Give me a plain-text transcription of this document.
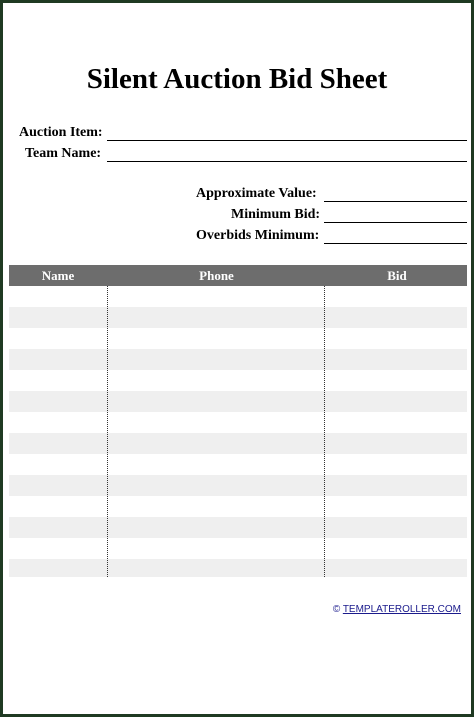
Silent Auction Bid Sheet
Auction Item:
Team Name:
Approximate Value:
Minimum Bid:
Overbids Minimum:
Name	Phone	Bid
© TEMPLATEROLLER.COM
